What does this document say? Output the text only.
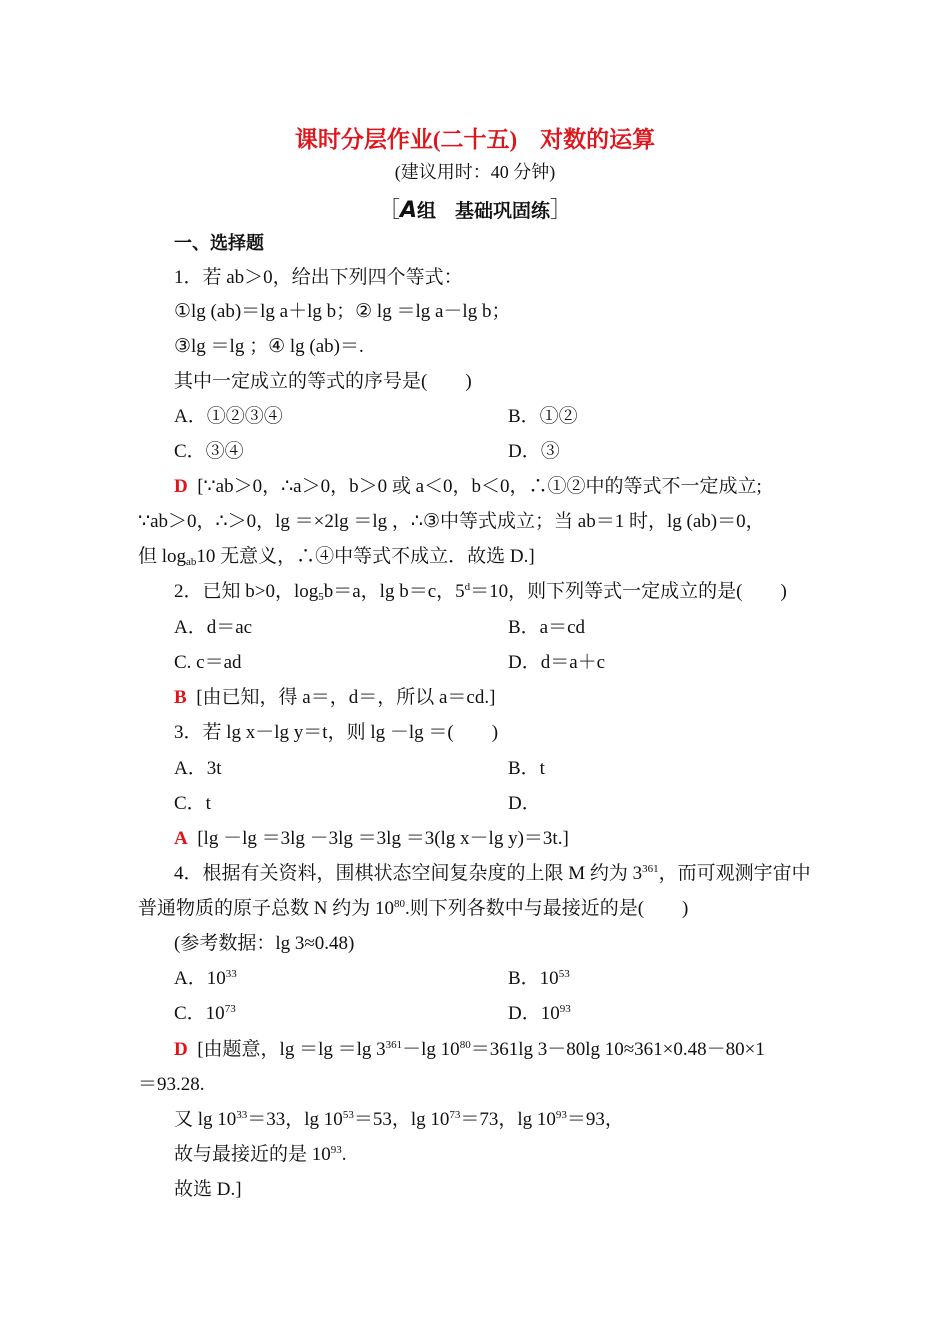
课时分层作业(二十五)　对数的运算
(建议用时：40 分钟)
［A组　基础巩固练］
一、选择题
1．若 ab＞0，给出下列四个等式：
①lg (ab)＝lg a＋lg b；② lg ＝lg a－lg b；
③lg ＝lg ；④ lg (ab)＝.
其中一定成立的等式的序号是(　　)
A．①②③④	B．①②
C．③④	D．③
D [∵ab＞0，∴a＞0，b＞0 或 a＜0，b＜0，∴①②中的等式不一定成立;
∵ab＞0，∴＞0，lg ＝×2lg ＝lg ，∴③中等式成立；当 ab＝1 时，lg (ab)＝0，
但 $\log_{ab}10$ 无意义，∴④中等式不成立．故选 D.]
2．已知 b>0，$\log_5b=a$，lg b＝c，$5^d=10$，则下列等式一定成立的是(　　)
A．d＝ac	B．a＝cd
C. c＝ad	D．d＝a＋c
B [由已知，得 a＝，d＝，所以 a＝cd.]
3．若 lg x－lg y＝t，则 lg －lg ＝(　　)
A．3t	B．t
C．t	D．
A [lg －lg ＝3lg －3lg ＝3lg ＝3(lg x－lg y)＝3t.]
4．根据有关资料，围棋状态空间复杂度的上限 M 约为 $3^{361}$，而可观测宇宙中
普通物质的原子总数 N 约为 $10^{80}$.则下列各数中与最接近的是(　　)
(参考数据：lg 3≈0.48)
A．$10^{33}$	B．$10^{53}$
C．$10^{73}$	D．$10^{93}$
D [由题意，lg ＝lg ＝lg $3^{361}-\lg$ $10^{80}=361\lg$ 3－80lg 10≈361×0.48－80×1
＝93.28.
又 $\lg 10^{33}=33$，$\lg 10^{53}=53$，$\lg 10^{73}=73$，$\lg 10^{93}=93$，
故与最接近的是 $10^{93}$.
故选 D.]
